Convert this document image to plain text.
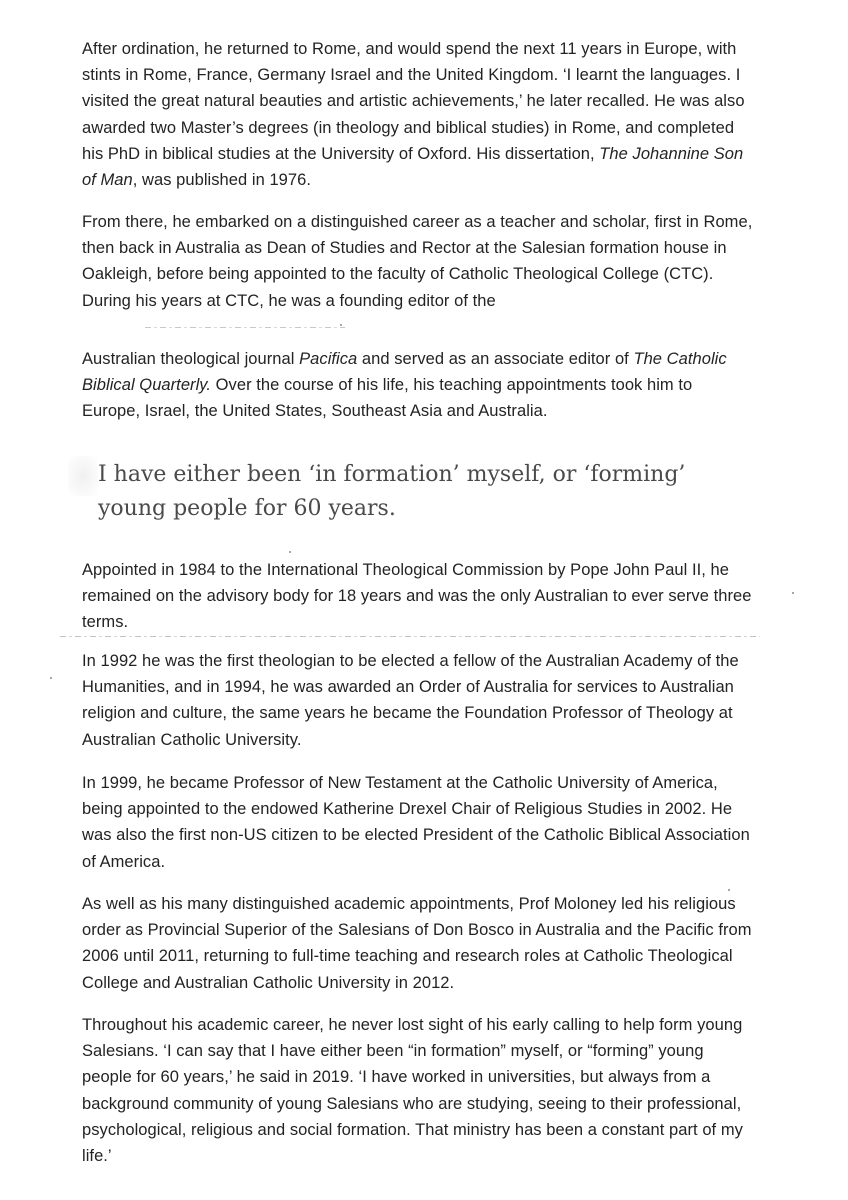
After ordination, he returned to Rome, and would spend the next 11 years in Europe, with stints in Rome, France, Germany Israel and the United Kingdom. ‘I learnt the languages. I visited the great natural beauties and artistic achievements,’ he later recalled. He was also awarded two Master’s degrees (in theology and biblical studies) in Rome, and completed his PhD in biblical studies at the University of Oxford. His dissertation, The Johannine Son of Man, was published in 1976.

From there, he embarked on a distinguished career as a teacher and scholar, first in Rome, then back in Australia as Dean of Studies and Rector at the Salesian formation house in Oakleigh, before being appointed to the faculty of Catholic Theological College (CTC). During his years at CTC, he was a founding editor of the

Australian theological journal Pacifica and served as an associate editor of The Catholic Biblical Quarterly. Over the course of his life, his teaching appointments took him to Europe, Israel, the United States, Southeast Asia and Australia.

I have either been ‘in formation’ myself, or ‘forming’ young people for 60 years.

Appointed in 1984 to the International Theological Commission by Pope John Paul II, he remained on the advisory body for 18 years and was the only Australian to ever serve three terms.

In 1992 he was the first theologian to be elected a fellow of the Australian Academy of the Humanities, and in 1994, he was awarded an Order of Australia for services to Australian religion and culture, the same years he became the Foundation Professor of Theology at Australian Catholic University.

In 1999, he became Professor of New Testament at the Catholic University of America, being appointed to the endowed Katherine Drexel Chair of Religious Studies in 2002. He was also the first non-US citizen to be elected President of the Catholic Biblical Association of America.

As well as his many distinguished academic appointments, Prof Moloney led his religious order as Provincial Superior of the Salesians of Don Bosco in Australia and the Pacific from 2006 until 2011, returning to full-time teaching and research roles at Catholic Theological College and Australian Catholic University in 2012.

Throughout his academic career, he never lost sight of his early calling to help form young Salesians. ‘I can say that I have either been “in formation” myself, or “forming” young people for 60 years,’ he said in 2019. ‘I have worked in universities, but always from a background community of young Salesians who are studying, seeing to their professional, psychological, religious and social formation. That ministry has been a constant part of my life.’
